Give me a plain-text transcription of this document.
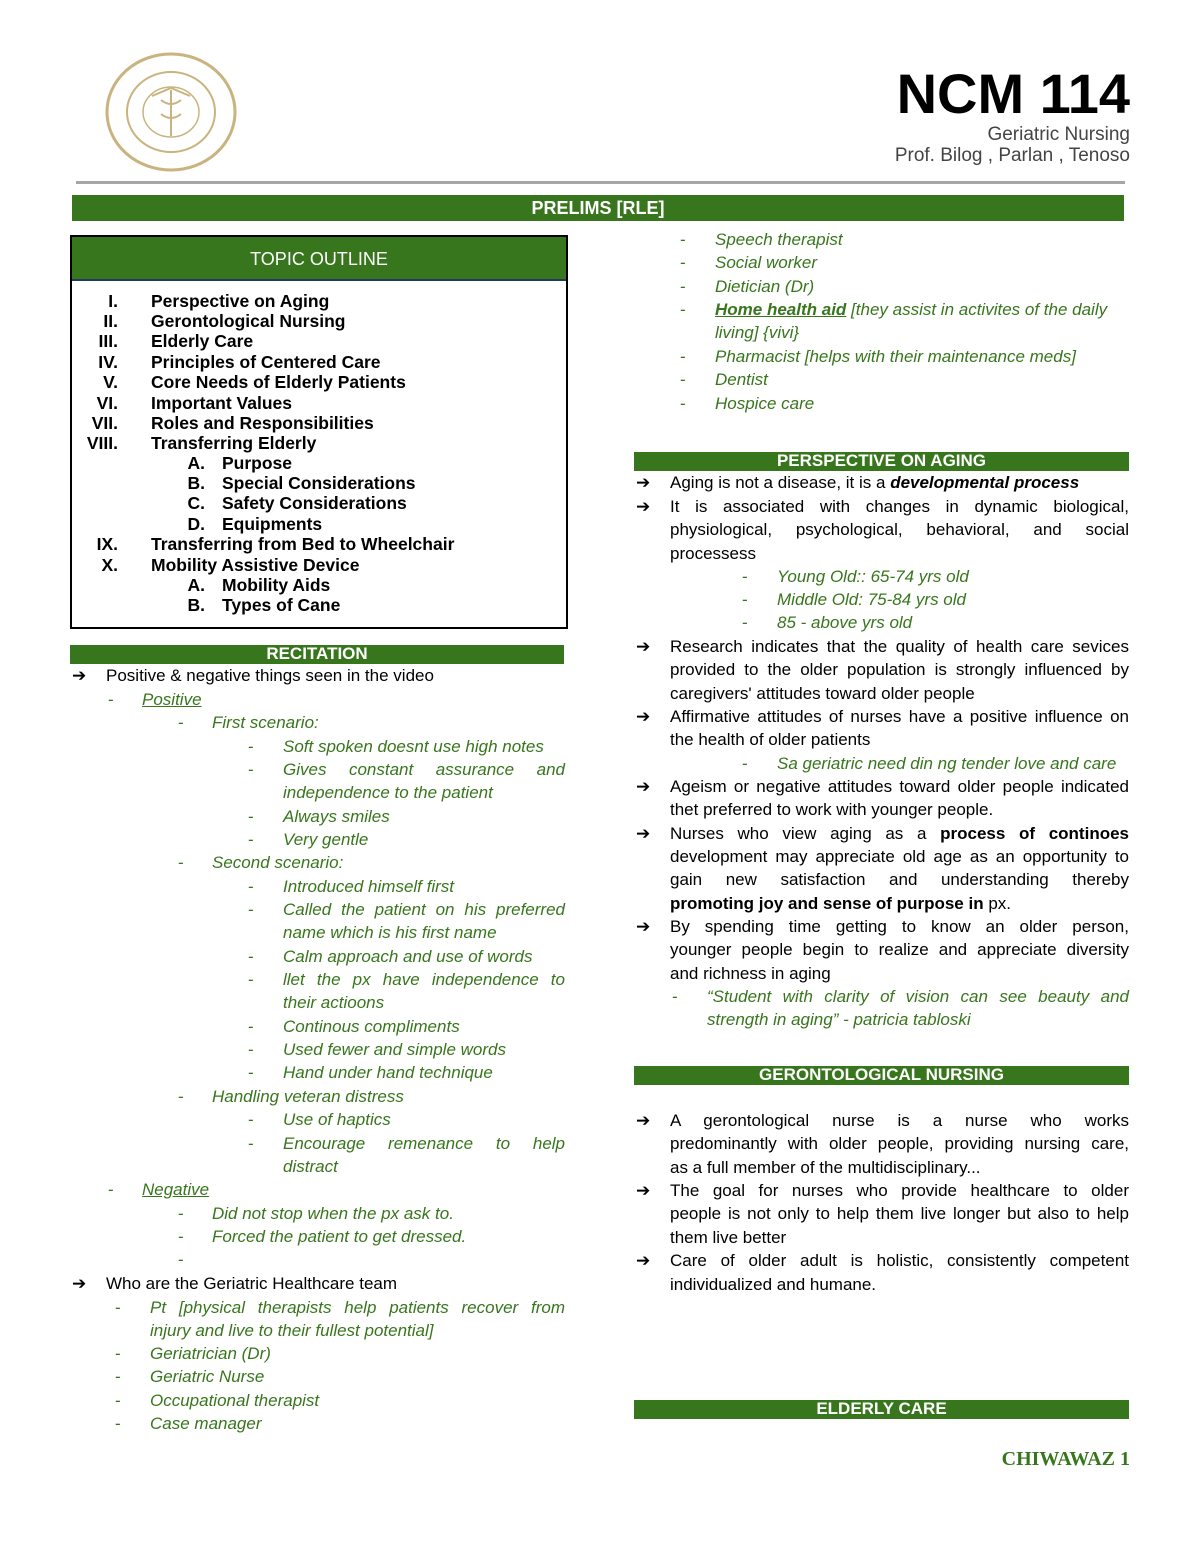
NCM 114
Geriatric Nursing
Prof. Bilog , Parlan , Tenoso
PRELIMS [RLE]
TOPIC OUTLINE
I. Perspective on Aging
II. Gerontological Nursing
III. Elderly Care
IV. Principles of Centered Care
V. Core Needs of Elderly Patients
VI. Important Values
VII. Roles and Responsibilities
VIII. Transferring Elderly
A. Purpose
B. Special Considerations
C. Safety Considerations
D. Equipments
IX. Transferring from Bed to Wheelchair
X. Mobility Assistive Device
A. Mobility Aids
B. Types of Cane
RECITATION
➔ Positive & negative things seen in the video
- Positive
- First scenario:
- Soft spoken doesnt use high notes
- Gives constant assurance and
independence to the patient
- Always smiles
- Very gentle
- Second scenario:
- Introduced himself first
- Called the patient on his preferred
name which is his first name
- Calm approach and use of words
- llet the px have independence to
their actioons
- Continous compliments
- Used fewer and simple words
- Hand under hand technique
- Handling veteran distress
- Use of haptics
- Encourage remenance to help
distract
- Negative
- Did not stop when the px ask to.
- Forced the patient to get dressed.
-
➔ Who are the Geriatric Healthcare team
- Pt [physical therapists help patients recover from
injury and live to their fullest potential]
- Geriatrician (Dr)
- Geriatric Nurse
- Occupational therapist
- Case manager
- Speech therapist
- Social worker
- Dietician (Dr)
- Home health aid [they assist in activites of the daily
living] {vivi}
- Pharmacist [helps with their maintenance meds]
- Dentist
- Hospice care
PERSPECTIVE ON AGING
➔ Aging is not a disease, it is a developmental process
➔ It is associated with changes in dynamic biological,
physiological, psychological, behavioral, and social
processess
- Young Old:: 65-74 yrs old
- Middle Old: 75-84 yrs old
- 85 - above yrs old
➔ Research indicates that the quality of health care sevices
provided to the older population is strongly influenced by
caregivers' attitudes toward older people
➔ Affirmative attitudes of nurses have a positive influence on
the health of older patients
- Sa geriatric need din ng tender love and care
➔ Ageism or negative attitudes toward older people indicated
thet preferred to work with younger people.
➔ Nurses who view aging as a process of continoes
development may appreciate old age as an opportunity to
gain new satisfaction and understanding thereby
promoting joy and sense of purpose in px.
➔ By spending time getting to know an older person,
younger people begin to realize and appreciate diversity
and richness in aging
- “Student with clarity of vision can see beauty and
strength in aging” - patricia tabloski
GERONTOLOGICAL NURSING
➔ A gerontological nurse is a nurse who works
predominantly with older people, providing nursing care,
as a full member of the multidisciplinary...
➔ The goal for nurses who provide healthcare to older
people is not only to help them live longer but also to help
them live better
➔ Care of older adult is holistic, consistently competent
individualized and humane.
ELDERLY CARE
CHIWAWAZ 1
